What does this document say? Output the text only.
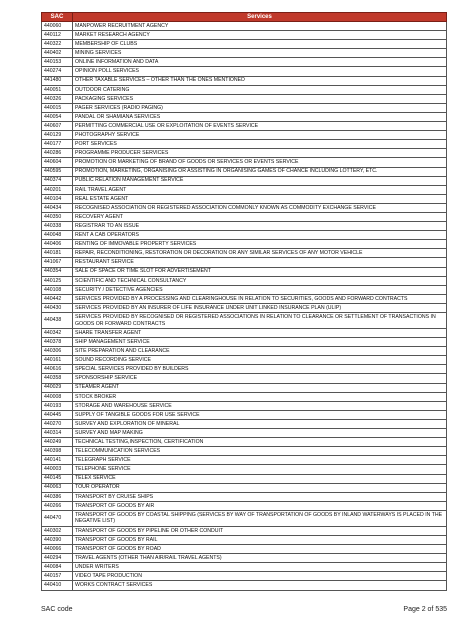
SAC	Services
440060	MANPOWER RECRUITMENT AGENCY
440112	MARKET RESEARCH AGENCY
440322	MEMBERSHIP OF CLUBS
440402	MINING SERVICES
440153	ONLINE INFORMATION AND DATA
440274	OPINION POLL SERVICES
441480	OTHER TAXABLE SERVICES – OTHER THAN THE ONES MENTIONED
440051	OUTDOOR CATERING
440326	PACKAGING SERVICES
440015	PAGER SERVICES (RADIO PAGING)
440054	PANDAL OR SHAMIANA SERVICES
440607	PERMITTING COMMERCIAL USE OR EXPLOITATION OF EVENTS SERVICE
440129	PHOTOGRAPHY SERVICE
440177	PORT SERVICES
440286	PROGRAMME PRODUCER SERVICES
440604	PROMOTION OR MARKETING OF BRAND OF GOODS OR SERVICES OR EVENTS SERVICE
440595	PROMOTION, MARKETING, ORGANISING OR ASSISTING IN ORGANISING GAMES OF CHANCE INCLUDING LOTTERY, ETC.
440374	PUBLIC RELATION MANAGEMENT SERVICE
440201	RAIL TRAVEL AGENT
440104	REAL ESTATE AGENT
440434	RECOGNISED ASSOCIATION OR REGISTERED ASSOCIATION COMMONLY KNOWN AS COMMODITY EXCHANGE SERVICE
440350	RECOVERY AGENT
440338	REGISTRAR TO AN ISSUE
440048	RENT A CAB OPERATORS
440406	RENTING OF IMMOVABLE PROPERTY SERVICES
440181	REPAIR, RECONDITIONING, RESTORATION OR DECORATION OR ANY SIMILAR SERVICES OF ANY MOTOR VEHICLE
441067	RESTAURANT SERVICE
440354	SALE OF SPACE OR TIME SLOT FOR ADVERTISEMENT
440125	SCIENTIFIC AND TECHNICAL CONSULTANCY
440108	SECURITY / DETECTIVE AGENCIES
440442	SERVICES PROVIDED BY A PROCESSING AND CLEARINGHOUSE IN RELATION TO SECURITIES, GOODS AND FORWARD CONTRACTS
440430	SERVICES PROVIDED BY AN INSURER OF LIFE INSURANCE UNDER UNIT LINKED INSURANCE PLAN (ULIP)
440438	SERVICES PROVIDED BY RECOGNISED OR REGISTERED ASSOCIATIONS IN RELATION TO CLEARANCE OR SETTLEMENT OF TRANSACTIONS IN GOODS OR FORWARD CONTRACTS
440342	SHARE TRANSFER AGENT
440378	SHIP MANAGEMENT SERVICE
440306	SITE PREPARATION AND CLEARANCE
440161	SOUND RECORDING SERVICE
440616	SPECIAL SERVICES PROVIDED BY BUILDERS
440358	SPONSORSHIP SERVICE
440029	STEAMER AGENT
440008	STOCK BROKER
440193	STORAGE AND WAREHOUSE SERVICE
440445	SUPPLY OF TANGIBLE GOODS FOR USE SERVICE
440270	SURVEY AND EXPLORATION OF MINERAL
440314	SURVEY AND MAP MAKING
440249	TECHNICAL TESTING,INSPECTION, CERTIFICATION
440398	TELECOMMUNICATION SERVICES
440141	TELEGRAPH SERVICE
440003	TELEPHONE SERVICE
440145	TELEX SERVICE
440063	TOUR OPERATOR
440386	TRANSPORT BY CRUISE SHIPS
440266	TRANSPORT OF GOODS BY AIR
440470	TRANSPORT OF GOODS BY COASTAL SHIPPING (SERVICES BY WAY OF TRANSPORTATION OF GOODS BY INLAND WATERWAYS IS PLACED IN THE NEGATIVE LIST)
440302	TRANSPORT OF GOODS BY PIPELINE OR OTHER CONDUIT
440390	TRANSPORT OF GOODS BY RAIL
440066	TRANSPORT OF GOODS BY ROAD
440294	TRAVEL AGENTS (OTHER THAN AIR/RAIL TRAVEL AGENTS)
440084	UNDER WRITERS
440157	VIDEO TAPE PRODUCTION
440410	WORKS CONTRACT SERVICES
SAC code	Page 2 of 535
